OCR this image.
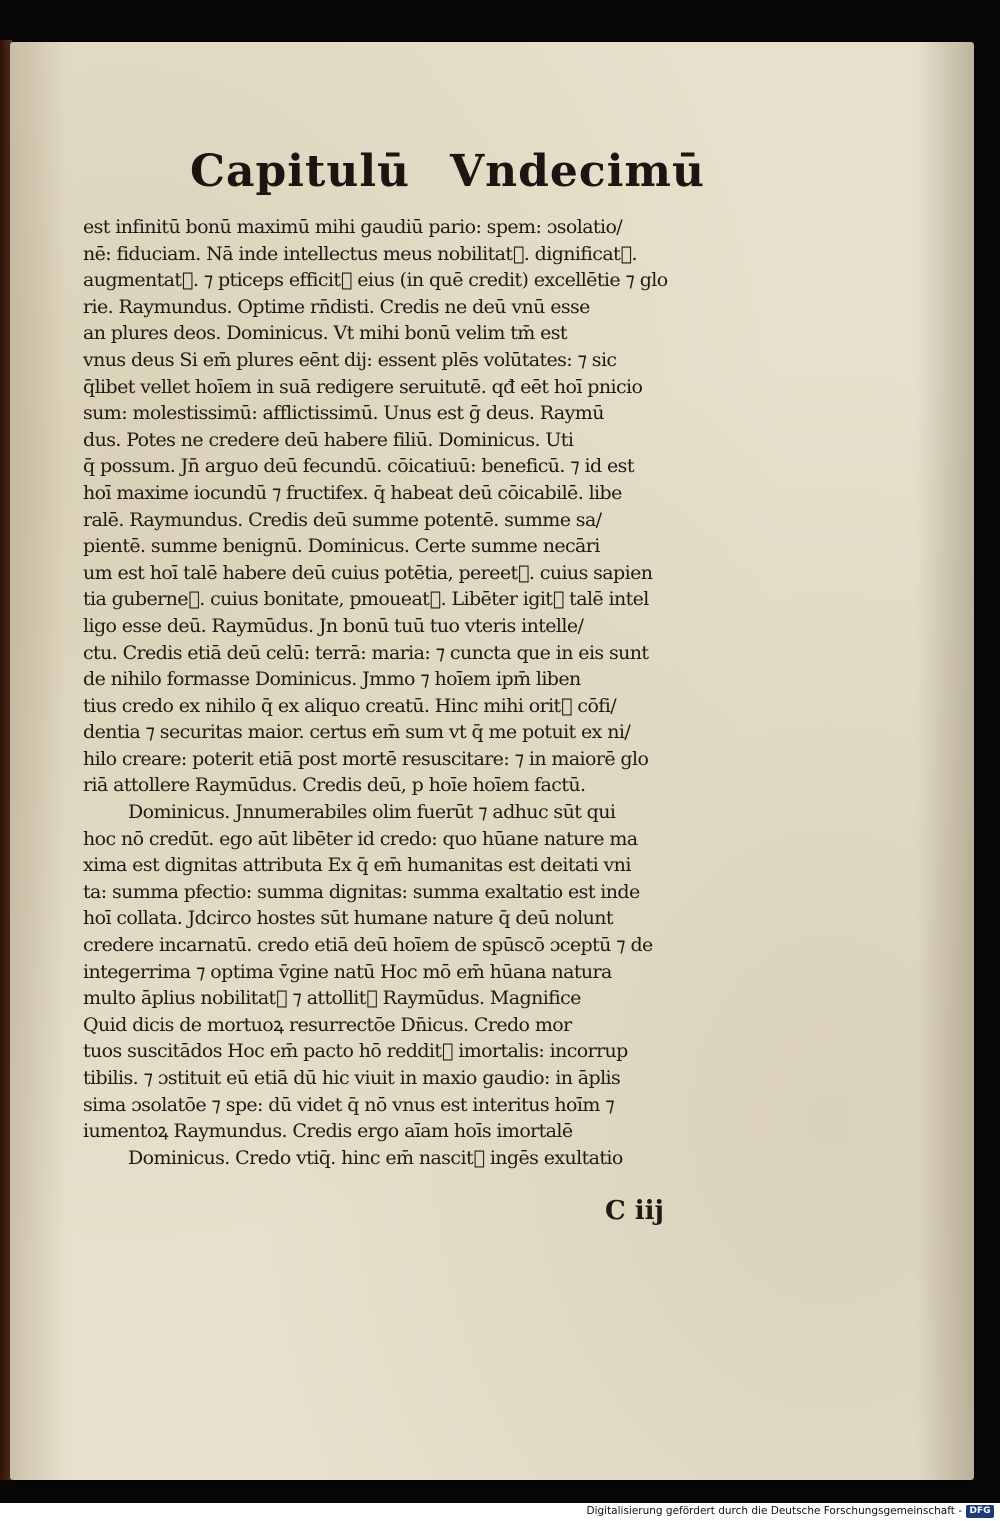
Capitulū Vndecimū
est infinitū bonū maximū mihi gaudiū pario: spem: ɔsolatio/
nē: fiduciam. Nā inde intellectus meus nobilitat᷑. dignificat᷑.
augmentat᷑. ⁊ pticeps efficit᷑ eius (in quē credit) excellētie ⁊ glo
rie. Raymundus. Optime rn̄disti. Credis ne deū vnū esse
an plures deos. Dominicus. Vt mihi bonū velim tm̄ est
vnus deus Si em̄ plures eēnt dij: essent plēs volūtates: ⁊ sic
q̄libet vellet hoīem in suā redigere seruitutē. qđ eēt hoī pnicio
sum: molestissimū: afflictissimū. Unus est ḡ deus. Raymū
dus. Potes ne credere deū habere filiū. Dominicus. Uti
q̄ possum. Jn̄ arguo deū fecundū. cōicatiuū: beneficū. ⁊ id est
hoī maxime iocundū ⁊ fructifex. q̄ habeat deū cōicabilē. libe
ralē. Raymundus. Credis deū summe potentē. summe sa/
pientē. summe benignū. Dominicus. Certe summe necāri
um est hoī talē habere deū cuius potētia, pereet᷑. cuius sapien
tia guberne᷑. cuius bonitate, pmoueat᷑. Libēter igit᷑ talē intel
ligo esse deū. Raymūdus. Jn bonū tuū tuo vteris intelle/
ctu. Credis etiā deū celū: terrā: maria: ⁊ cuncta que in eis sunt
de nihilo formasse Dominicus. Jmmo ⁊ hoīem ipm̄ liben
tius credo ex nihilo q̄ ex aliquo creatū. Hinc mihi orit᷑ cōfi/
dentia ⁊ securitas maior. certus em̄ sum vt q̄ me potuit ex ni/
hilo creare: poterit etiā post mortē resuscitare: ⁊ in maiorē glo
riā attollere Raymūdus. Credis deū, p hoīe hoīem factū.
Dominicus. Jnnumerabiles olim fuerūt ⁊ adhuc sūt qui
hoc nō credūt. ego aūt libēter id credo: quo hūane nature ma
xima est dignitas attributa Ex q̄ em̄ humanitas est deitati vni
ta: summa pfectio: summa dignitas: summa exaltatio est inde
hoī collata. Jdcirco hostes sūt humane nature q̄ deū nolunt
credere incarnatū. credo etiā deū hoīem de spūscō ɔceptū ⁊ de
integerrima ⁊ optima v̄gine natū Hoc mō em̄ hūana natura
multo āplius nobilitat᷑ ⁊ attollit᷑ Raymūdus. Magnifice
Quid dicis de mortuoꝝ resurrectōe Dn̄icus. Credo mor
tuos suscitādos Hoc em̄ pacto hō reddit᷑ imortalis: incorrup
tibilis. ⁊ ɔstituit eū etiā dū hic viuit in maxio gaudio: in āplis
sima ɔsolatōe ⁊ spe: dū videt q̄ nō vnus est interitus hoīm ⁊
iumentoꝝ Raymundus. Credis ergo aīam hoīs imortalē
Dominicus. Credo vtiq̄. hinc em̄ nascit᷑ ingēs exultatio

C iij

Digitalisierung gefördert durch die Deutsche Forschungsgemeinschaft - DFG
